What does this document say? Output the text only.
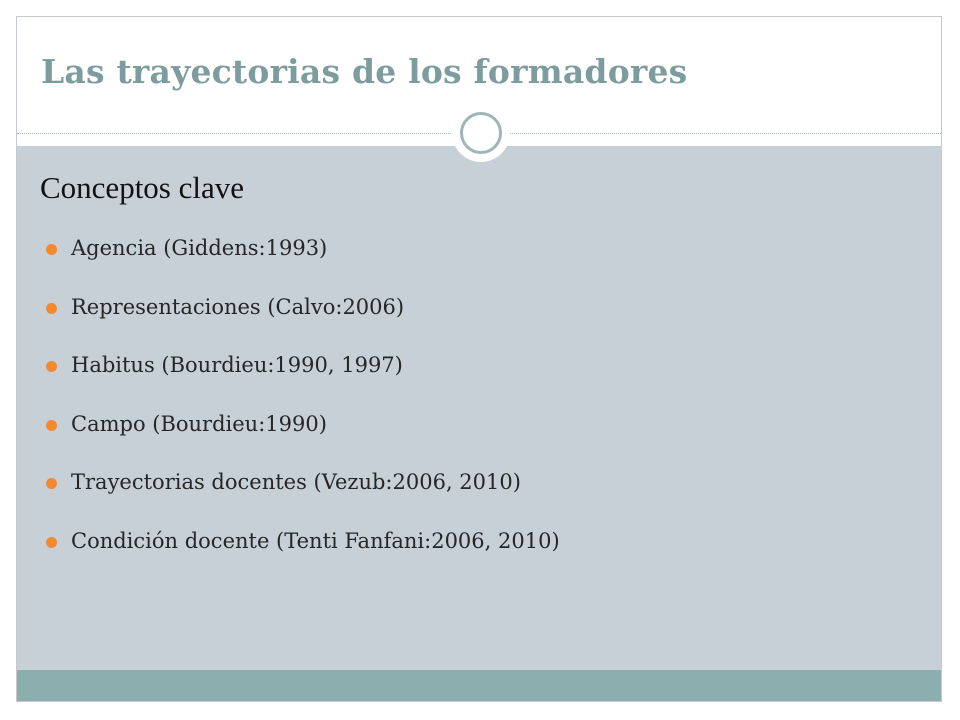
Las trayectorias de los formadores
Conceptos clave
Agencia (Giddens:1993)
Representaciones (Calvo:2006)
Habitus (Bourdieu:1990, 1997)
Campo (Bourdieu:1990)
Trayectorias docentes (Vezub:2006, 2010)
Condición docente (Tenti Fanfani:2006, 2010)
